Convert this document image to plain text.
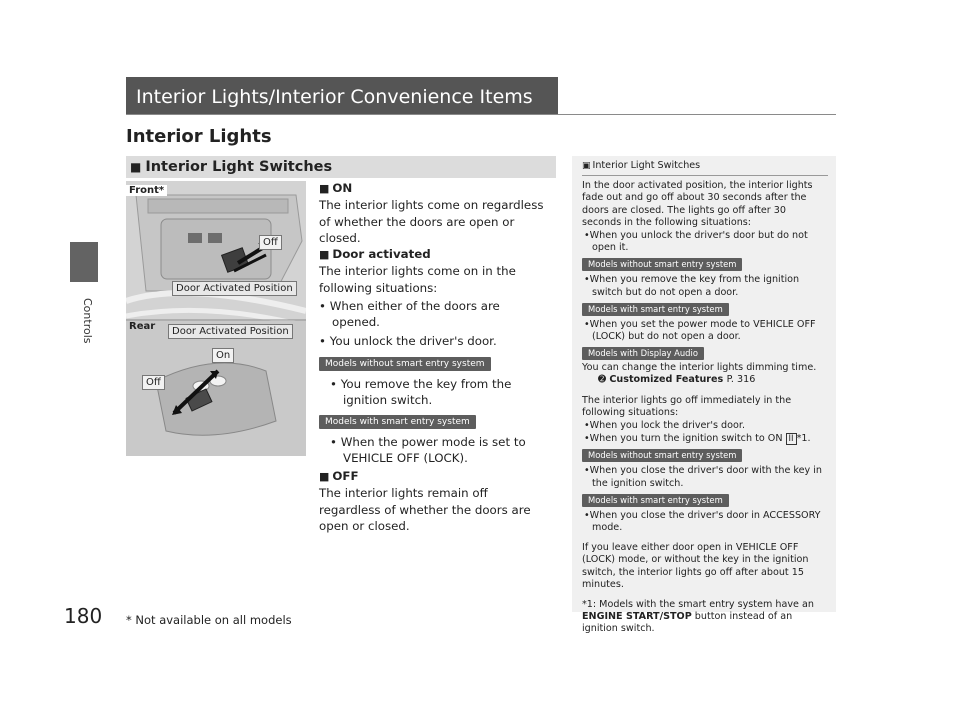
Controls
180 * Not available on all models
Interior Lights/Interior Convenience Items
Interior Lights
■ Interior Light Switches
Front*
Off
Door Activated Position
Rear	Door Activated Position
On
Off

■ ON

The interior lights come on regardless of whether the doors are open or closed.

■ Door activated

The interior lights come on in the following situations:

• When either of the doors are opened.

• You unlock the driver's door.

Models without smart entry system

• You remove the key from the ignition switch.

Models with smart entry system

• When the power mode is set to VEHICLE OFF (LOCK).

■ OFF

The interior lights remain off regardless of whether the doors are open or closed.

▣ Interior Light Switches

In the door activated position, the interior lights fade out and go off about 30 seconds after the doors are closed. The lights go off after 30 seconds in the following situations:

•When you unlock the driver's door but do not open it.

Models without smart entry system

•When you remove the key from the ignition switch but do not open a door.

Models with smart entry system

•When you set the power mode to VEHICLE OFF (LOCK) but do not open a door.

Models with Display Audio

You can change the interior lights dimming time.

➋ Customized Features P. 316

The interior lights go off immediately in the following situations:

•When you lock the driver's door.

•When you turn the ignition switch to ON II *1.

Models without smart entry system

•When you close the driver's door with the key in the ignition switch.

Models with smart entry system

•When you close the driver's door in ACCESSORY mode.

If you leave either door open in VEHICLE OFF (LOCK) mode, or without the key in the ignition switch, the interior lights go off after about 15 minutes.

*1: Models with the smart entry system have an ENGINE START/STOP button instead of an ignition switch.
